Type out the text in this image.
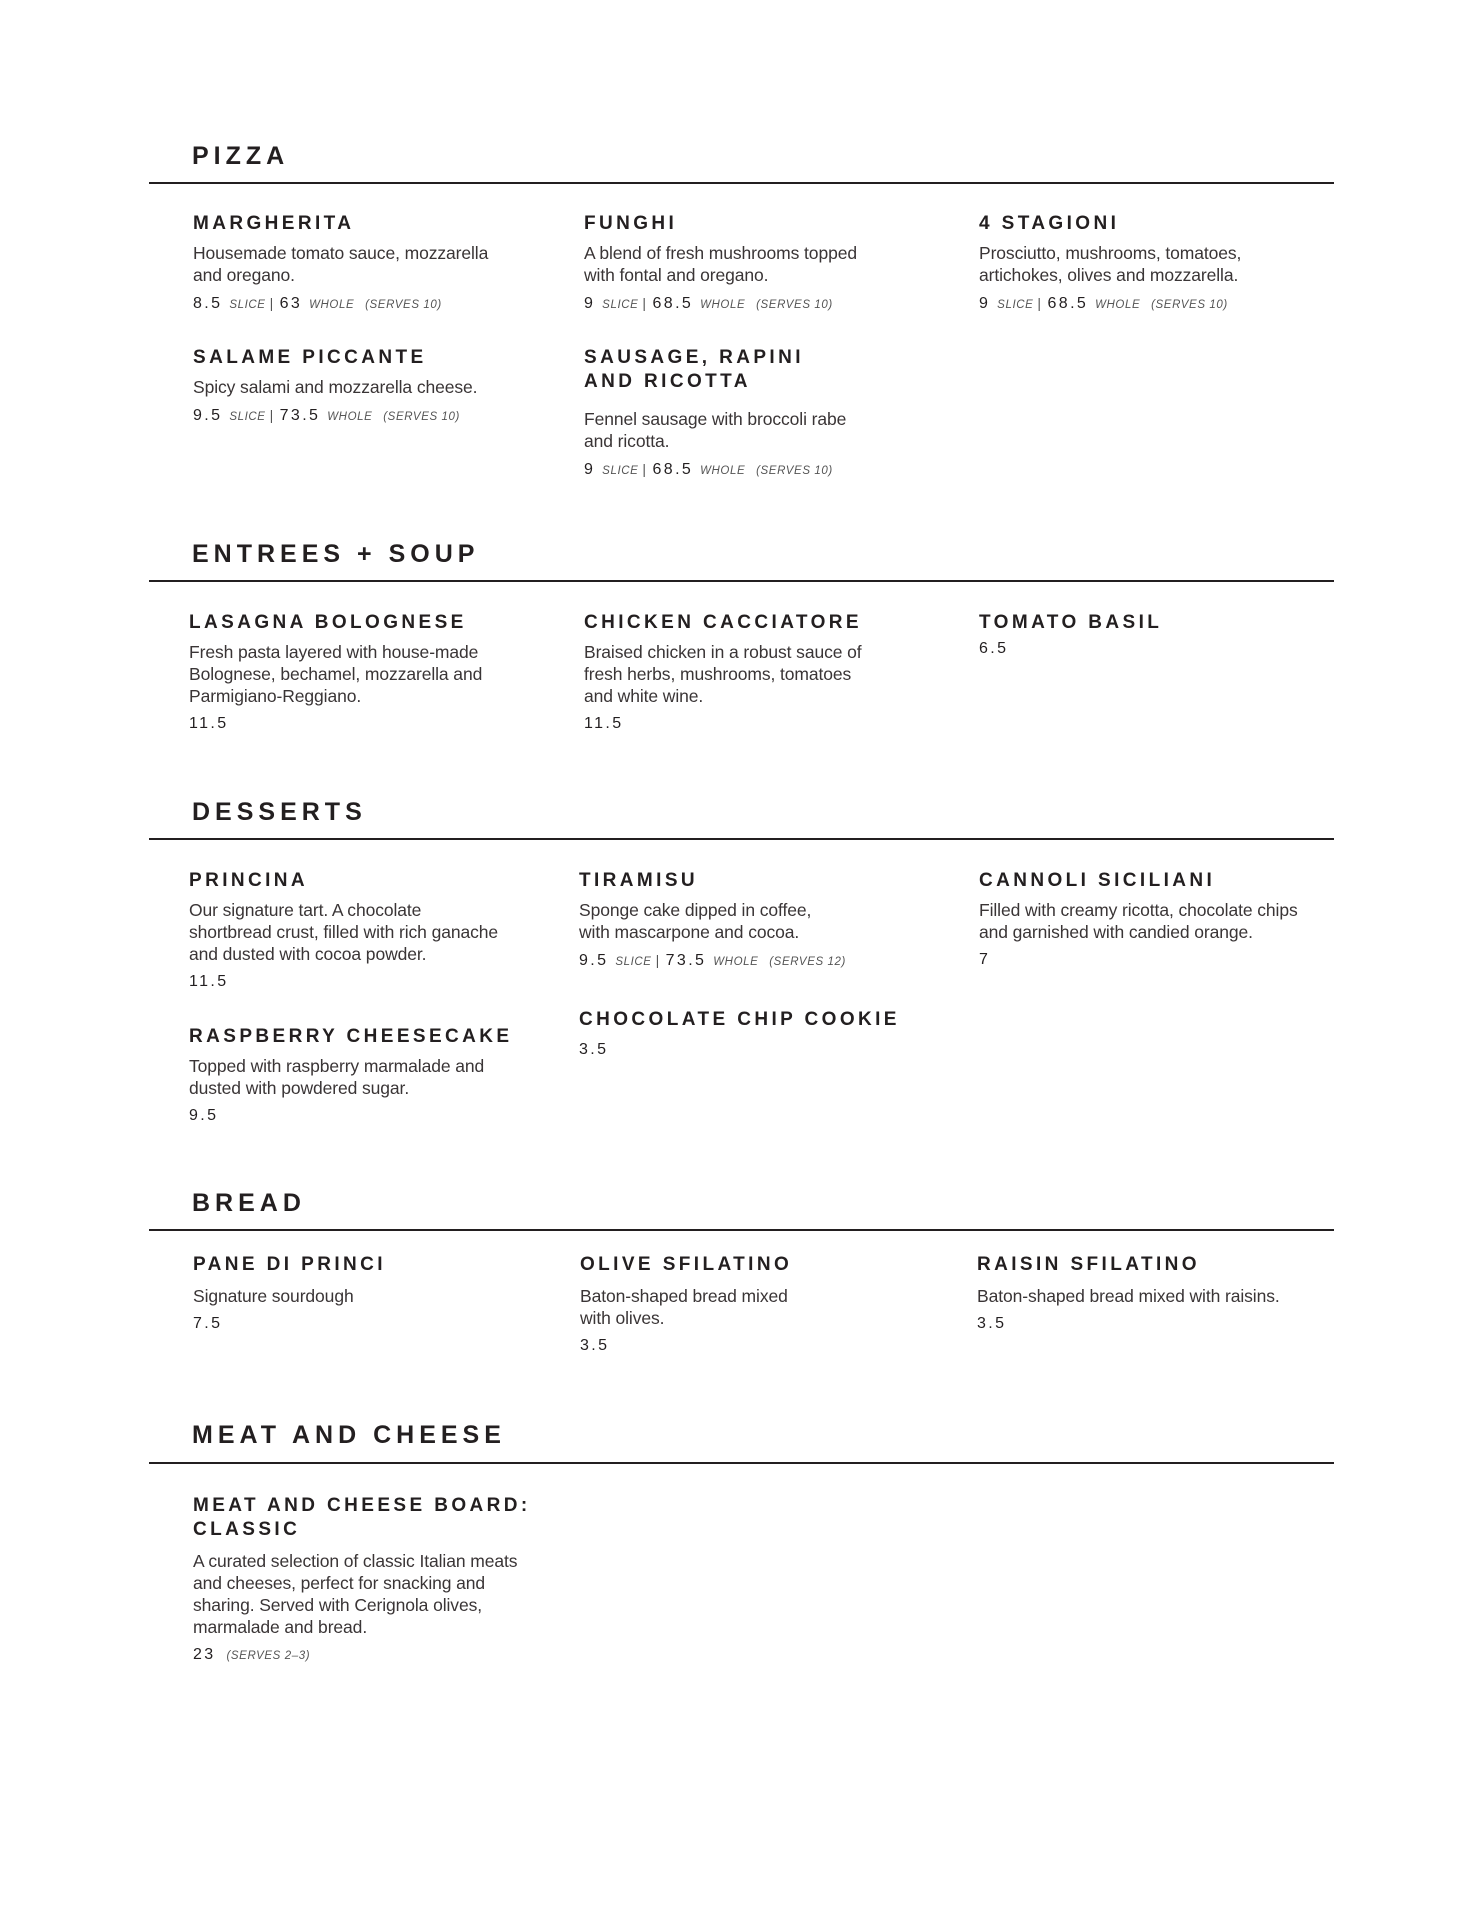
PIZZA

MARGHERITA

Housemade tomato sauce, mozzarella
and oregano.

8.5 SLICE | 63 WHOLE (SERVES 10)

FUNGHI

A blend of fresh mushrooms topped
with fontal and oregano.

9 SLICE | 68.5 WHOLE (SERVES 10)

4 STAGIONI

Prosciutto, mushrooms, tomatoes,
artichokes, olives and mozzarella.

9 SLICE | 68.5 WHOLE (SERVES 10)

SALAME PICCANTE

Spicy salami and mozzarella cheese.

9.5 SLICE | 73.5 WHOLE (SERVES 10)

SAUSAGE, RAPINI
AND RICOTTA

Fennel sausage with broccoli rabe
and ricotta.

9 SLICE | 68.5 WHOLE (SERVES 10)

ENTREES + SOUP

LASAGNA BOLOGNESE

Fresh pasta layered with house-made
Bolognese, bechamel, mozzarella and
Parmigiano-Reggiano.

11.5

CHICKEN CACCIATORE

Braised chicken in a robust sauce of
fresh herbs, mushrooms, tomatoes
and white wine.

11.5

TOMATO BASIL

6.5

DESSERTS

PRINCINA

Our signature tart. A chocolate
shortbread crust, filled with rich ganache
and dusted with cocoa powder.

11.5

TIRAMISU

Sponge cake dipped in coffee,
with mascarpone and cocoa.

9.5 SLICE | 73.5 WHOLE (SERVES 12)

CANNOLI SICILIANI

Filled with creamy ricotta, chocolate chips
and garnished with candied orange.

7

RASPBERRY CHEESECAKE

Topped with raspberry marmalade and
dusted with powdered sugar.

9.5

CHOCOLATE CHIP COOKIE

3.5

BREAD

PANE DI PRINCI

Signature sourdough

7.5

OLIVE SFILATINO

Baton-shaped bread mixed
with olives.

3.5

RAISIN SFILATINO

Baton-shaped bread mixed with raisins.

3.5

MEAT AND CHEESE

MEAT AND CHEESE BOARD:
CLASSIC

A curated selection of classic Italian meats
and cheeses, perfect for snacking and
sharing. Served with Cerignola olives,
marmalade and bread.

23 (SERVES 2–3)
